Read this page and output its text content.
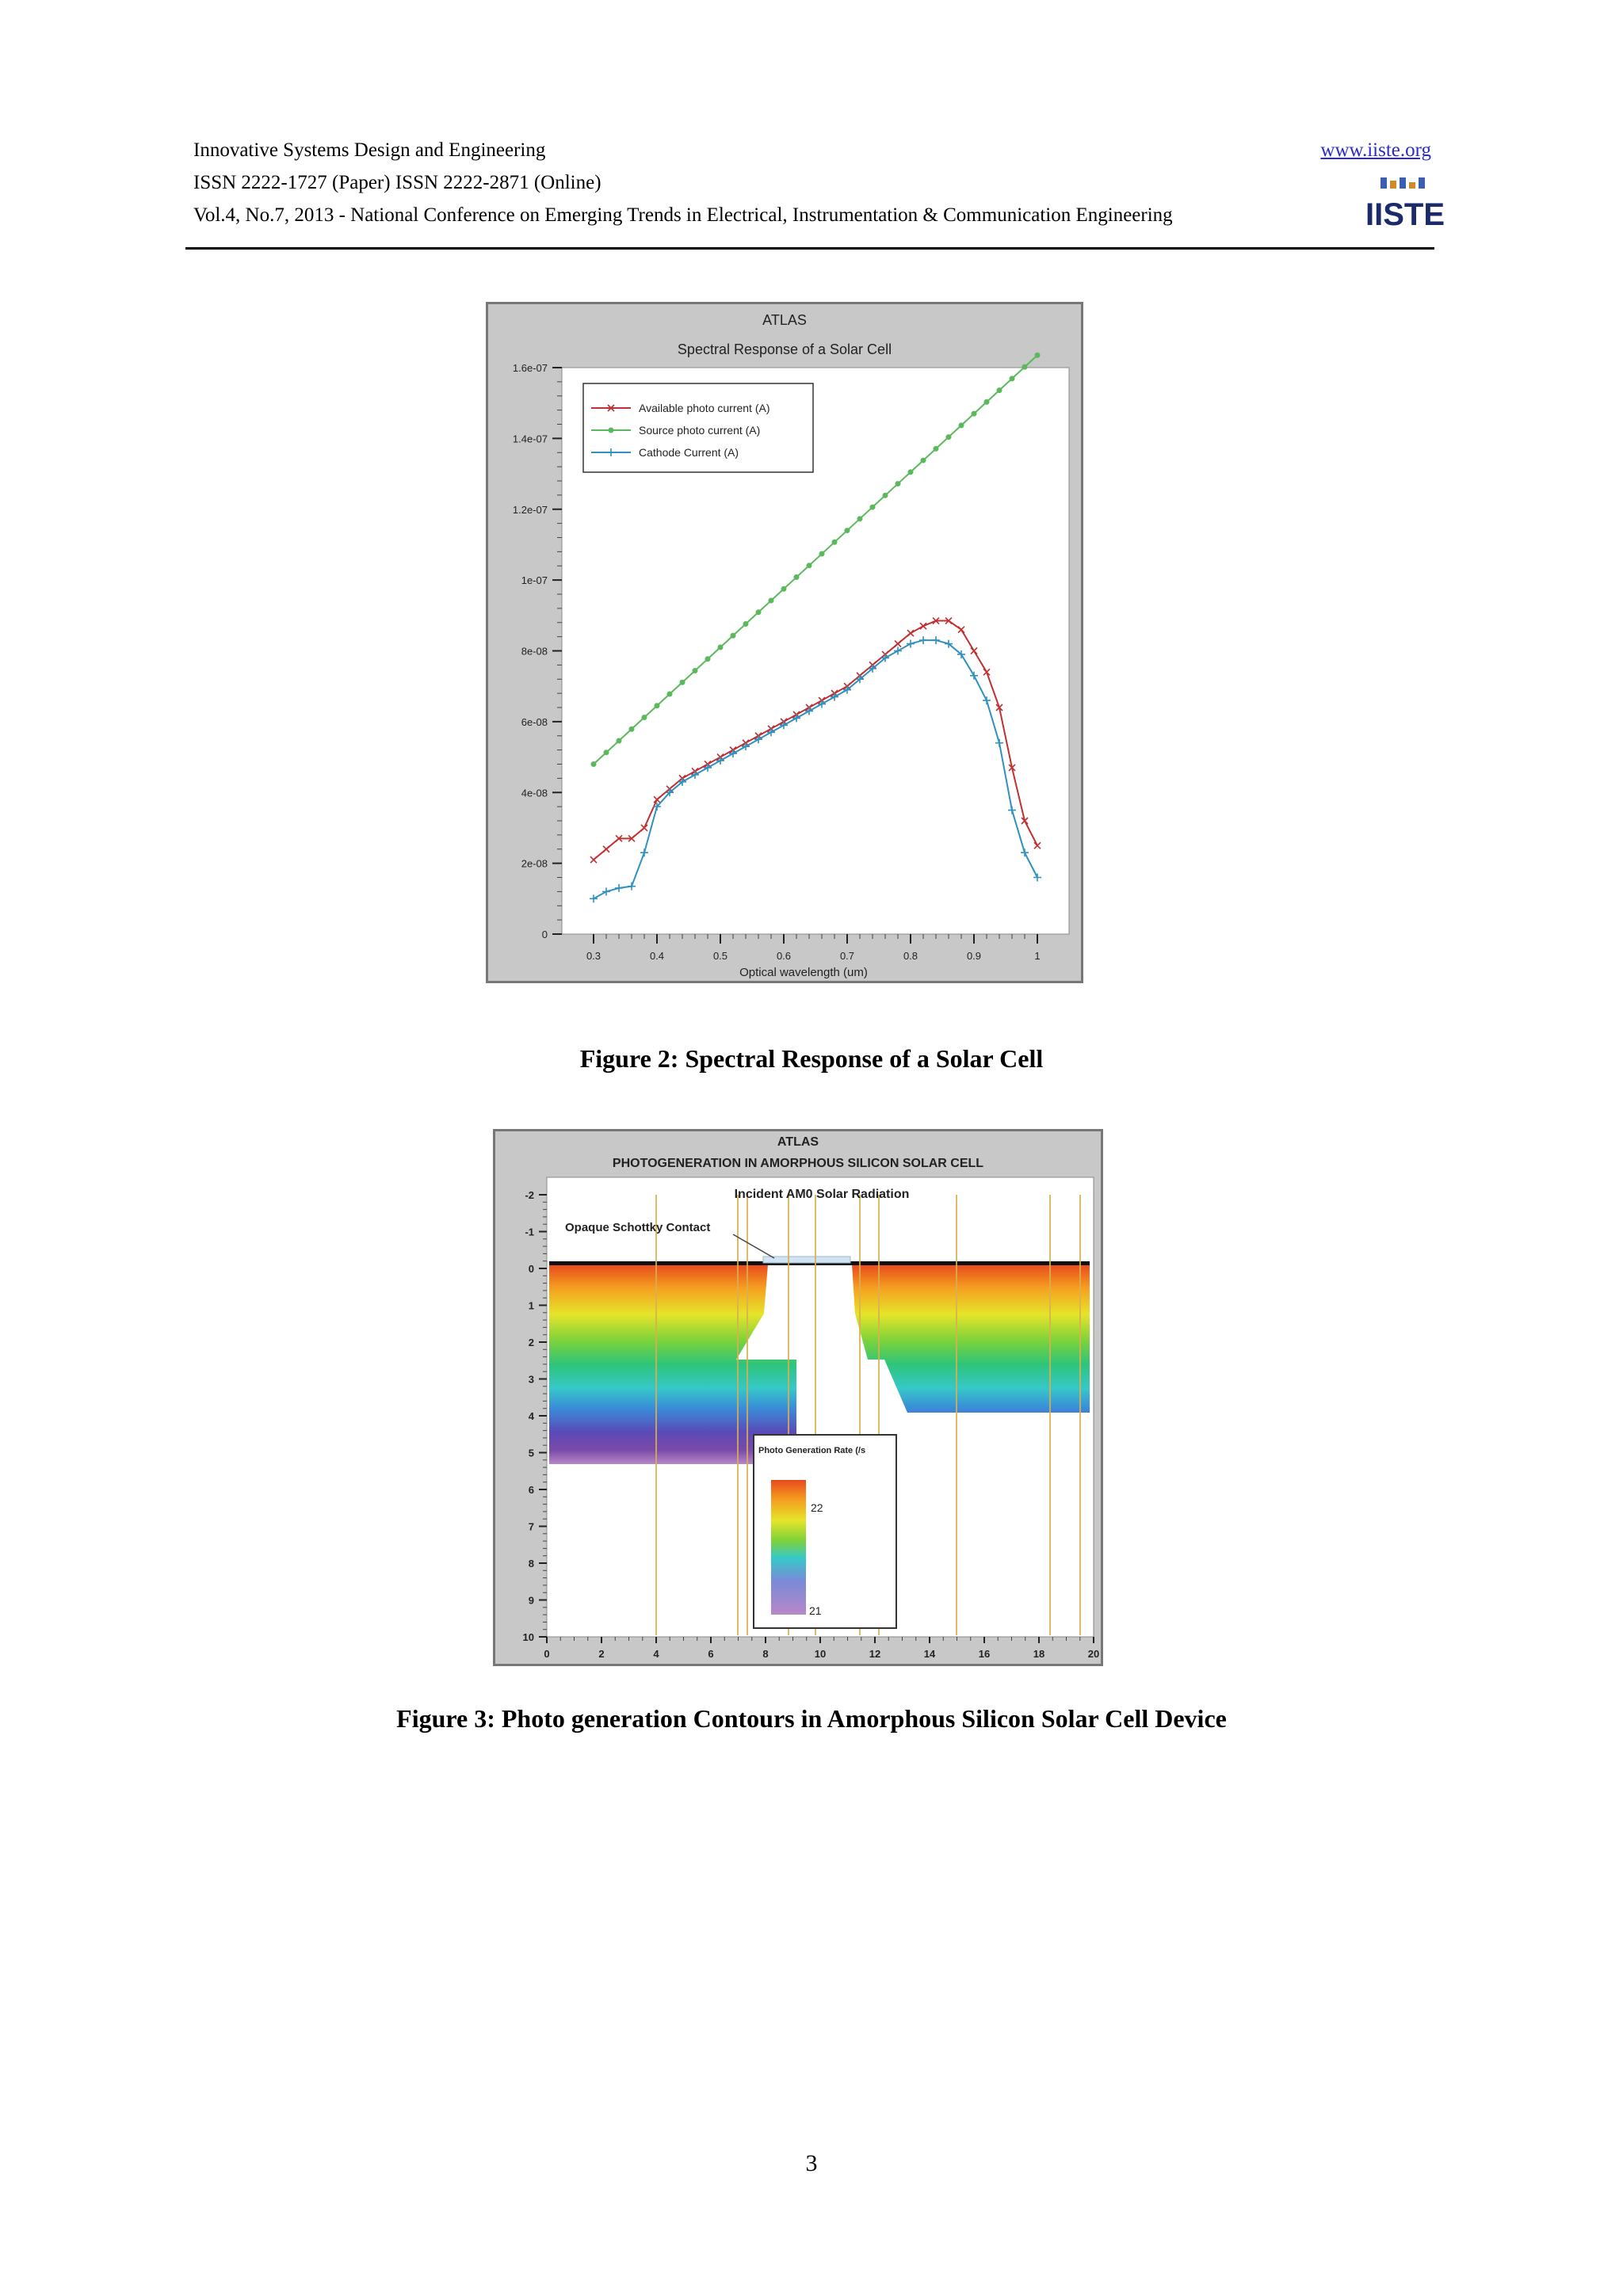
Innovative Systems Design and Engineering
ISSN 2222-1727 (Paper) ISSN 2222-2871 (Online)
Vol.4, No.7, 2013 - National Conference on Emerging Trends in Electrical, Instrumentation & Communication Engineering
www.iiste.org
IISTE
ATLAS
Spectral Response of a Solar Cell
0
2e-08
4e-08
6e-08
8e-08
1e-07
1.2e-07
1.4e-07
1.6e-07
0.3	0.4	0.5	0.6	0.7	0.8	0.9	1
Available photo current (A)
Source photo current (A)
Cathode Current (A)
Optical wavelength (um)
Figure 2: Spectral Response of a Solar Cell
ATLAS
PHOTOGENERATION IN AMORPHOUS SILICON SOLAR CELL
Incident AM0 Solar Radiation
Opaque Schottky Contact
Photo Generation Rate (/s
22
21
0	2	4	6	8	10	12	14	16	18	20
-2
-1
0
1
2
3
4
5
6
7
8
9
10
Figure 3: Photo generation Contours in Amorphous Silicon Solar Cell Device
3
